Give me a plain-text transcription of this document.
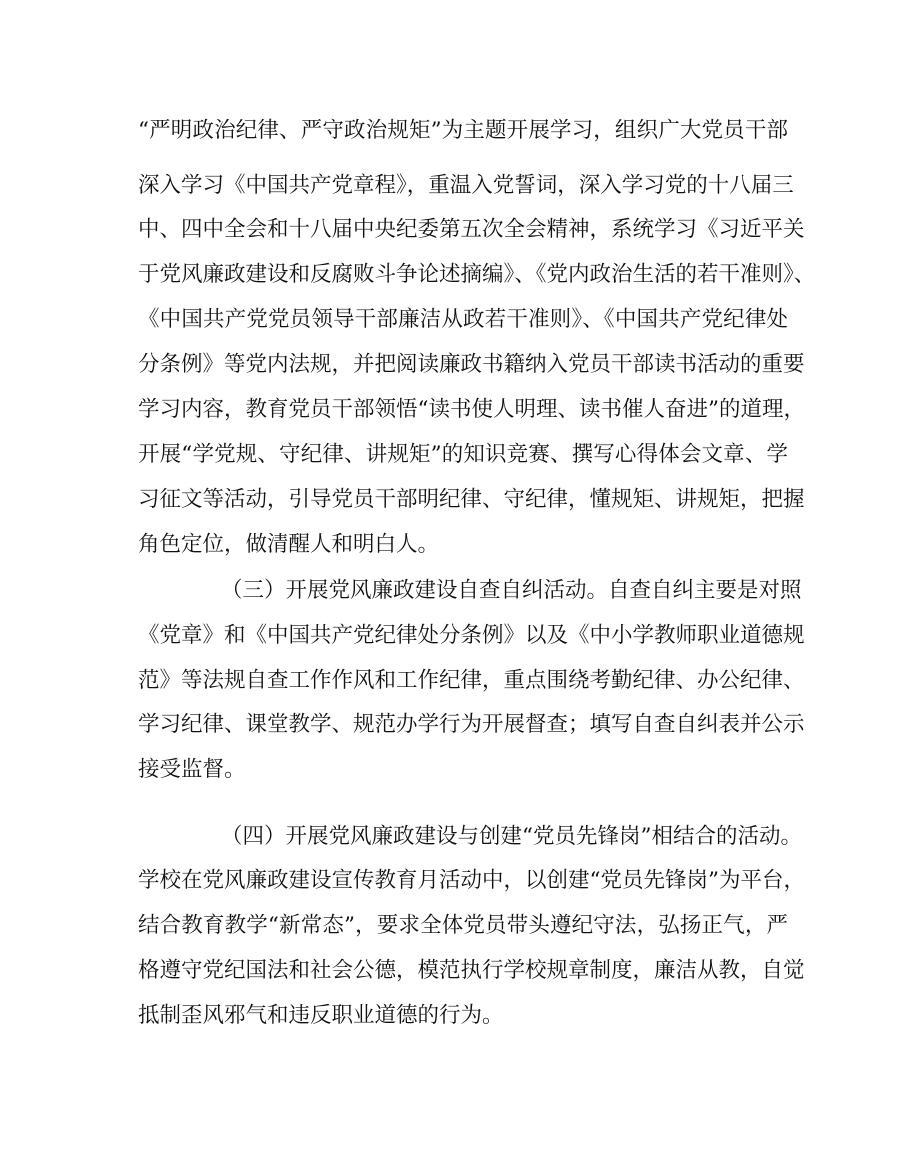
“严明政治纪律、严守政治规矩”为主题开展学习，组织广大党员干部
深入学习《中国共产党章程》，重温入党誓词，深入学习党的十八届三
中、四中全会和十八届中央纪委第五次全会精神，系统学习《习近平关
于党风廉政建设和反腐败斗争论述摘编》、《党内政治生活的若干准则》、
《中国共产党党员领导干部廉洁从政若干准则》、《中国共产党纪律处
分条例》等党内法规，并把阅读廉政书籍纳入党员干部读书活动的重要
学习内容，教育党员干部领悟“读书使人明理、读书催人奋进”的道理，
开展“学党规、守纪律、讲规矩”的知识竞赛、撰写心得体会文章、学
习征文等活动，引导党员干部明纪律、守纪律，懂规矩、讲规矩，把握
角色定位，做清醒人和明白人。
（三）开展党风廉政建设自查自纠活动。自查自纠主要是对照
《党章》和《中国共产党纪律处分条例》以及《中小学教师职业道德规
范》等法规自查工作作风和工作纪律，重点围绕考勤纪律、办公纪律、
学习纪律、课堂教学、规范办学行为开展督查；填写自查自纠表并公示
接受监督。
（四）开展党风廉政建设与创建“党员先锋岗”相结合的活动。
学校在党风廉政建设宣传教育月活动中，以创建“党员先锋岗”为平台，
结合教育教学“新常态”，要求全体党员带头遵纪守法，弘扬正气，严
格遵守党纪国法和社会公德，模范执行学校规章制度，廉洁从教，自觉
抵制歪风邪气和违反职业道德的行为。
